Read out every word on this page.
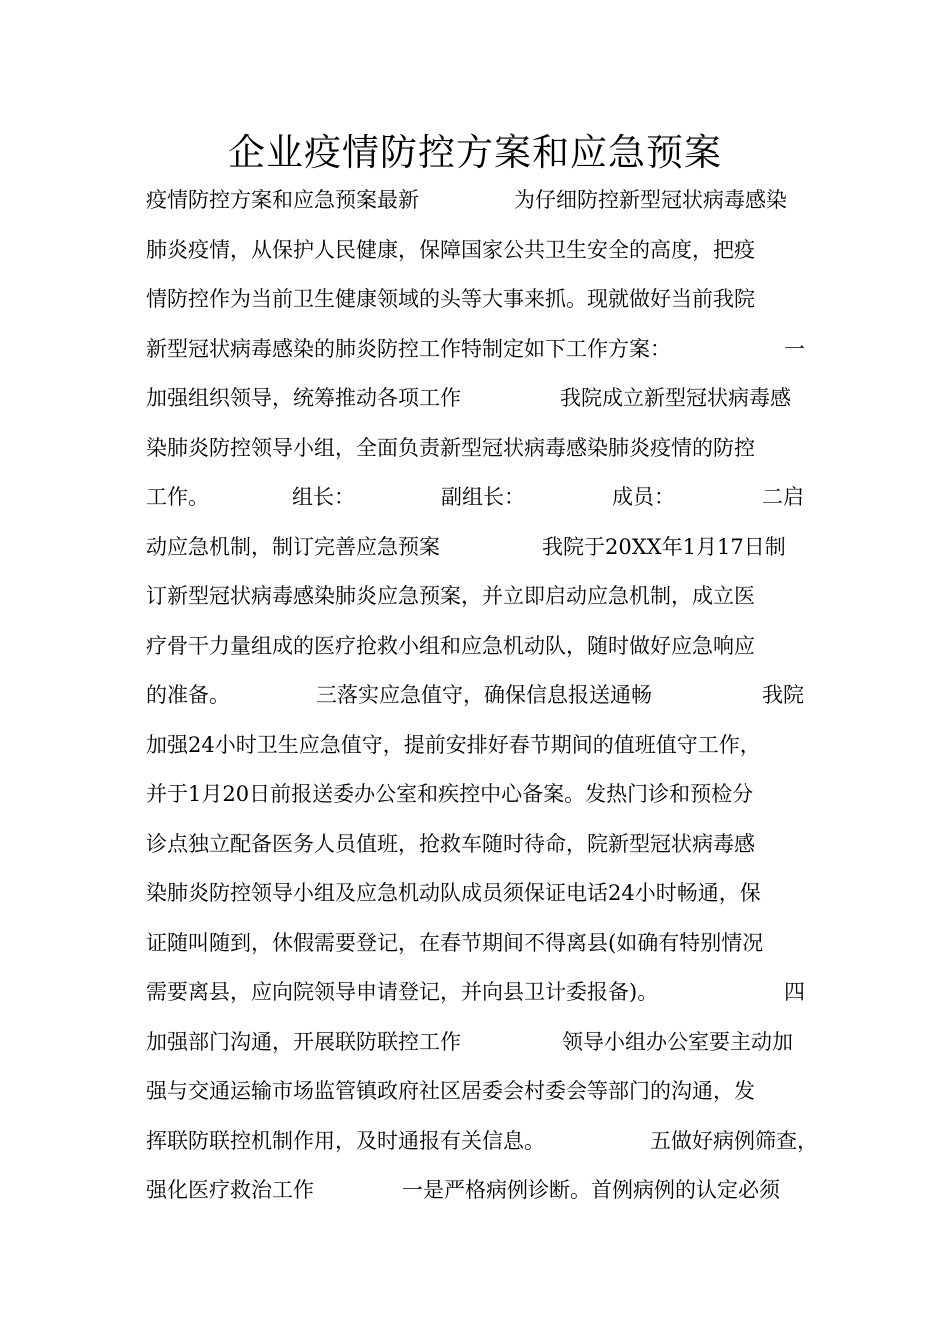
企业疫情防控方案和应急预案
疫情防控方案和应急预案最新	为仔细防控新型冠状病毒感染
肺炎疫情，从保护人民健康，保障国家公共卫生安全的高度，把疫
情防控作为当前卫生健康领域的头等大事来抓。现就做好当前我院
新型冠状病毒感染的肺炎防控工作特制定如下工作方案：	一
加强组织领导，统筹推动各项工作	我院成立新型冠状病毒感
染肺炎防控领导小组，全面负责新型冠状病毒感染肺炎疫情的防控
工作。	组长：	副组长：	成员：	二启
动应急机制，制订完善应急预案	我院于20XX年1月17日制
订新型冠状病毒感染肺炎应急预案，并立即启动应急机制，成立医
疗骨干力量组成的医疗抢救小组和应急机动队，随时做好应急响应
的准备。	三落实应急值守，确保信息报送通畅	我院
加强24小时卫生应急值守，提前安排好春节期间的值班值守工作，
并于1月20日前报送委办公室和疾控中心备案。发热门诊和预检分
诊点独立配备医务人员值班，抢救车随时待命，院新型冠状病毒感
染肺炎防控领导小组及应急机动队成员须保证电话24小时畅通，保
证随叫随到，休假需要登记，在春节期间不得离县(如确有特别情况
需要离县，应向院领导申请登记，并向县卫计委报备)。	四
加强部门沟通，开展联防联控工作	领导小组办公室要主动加
强与交通运输市场监管镇政府社区居委会村委会等部门的沟通，发
挥联防联控机制作用，及时通报有关信息。	五做好病例筛查，
强化医疗救治工作	一是严格病例诊断。首例病例的认定必须
